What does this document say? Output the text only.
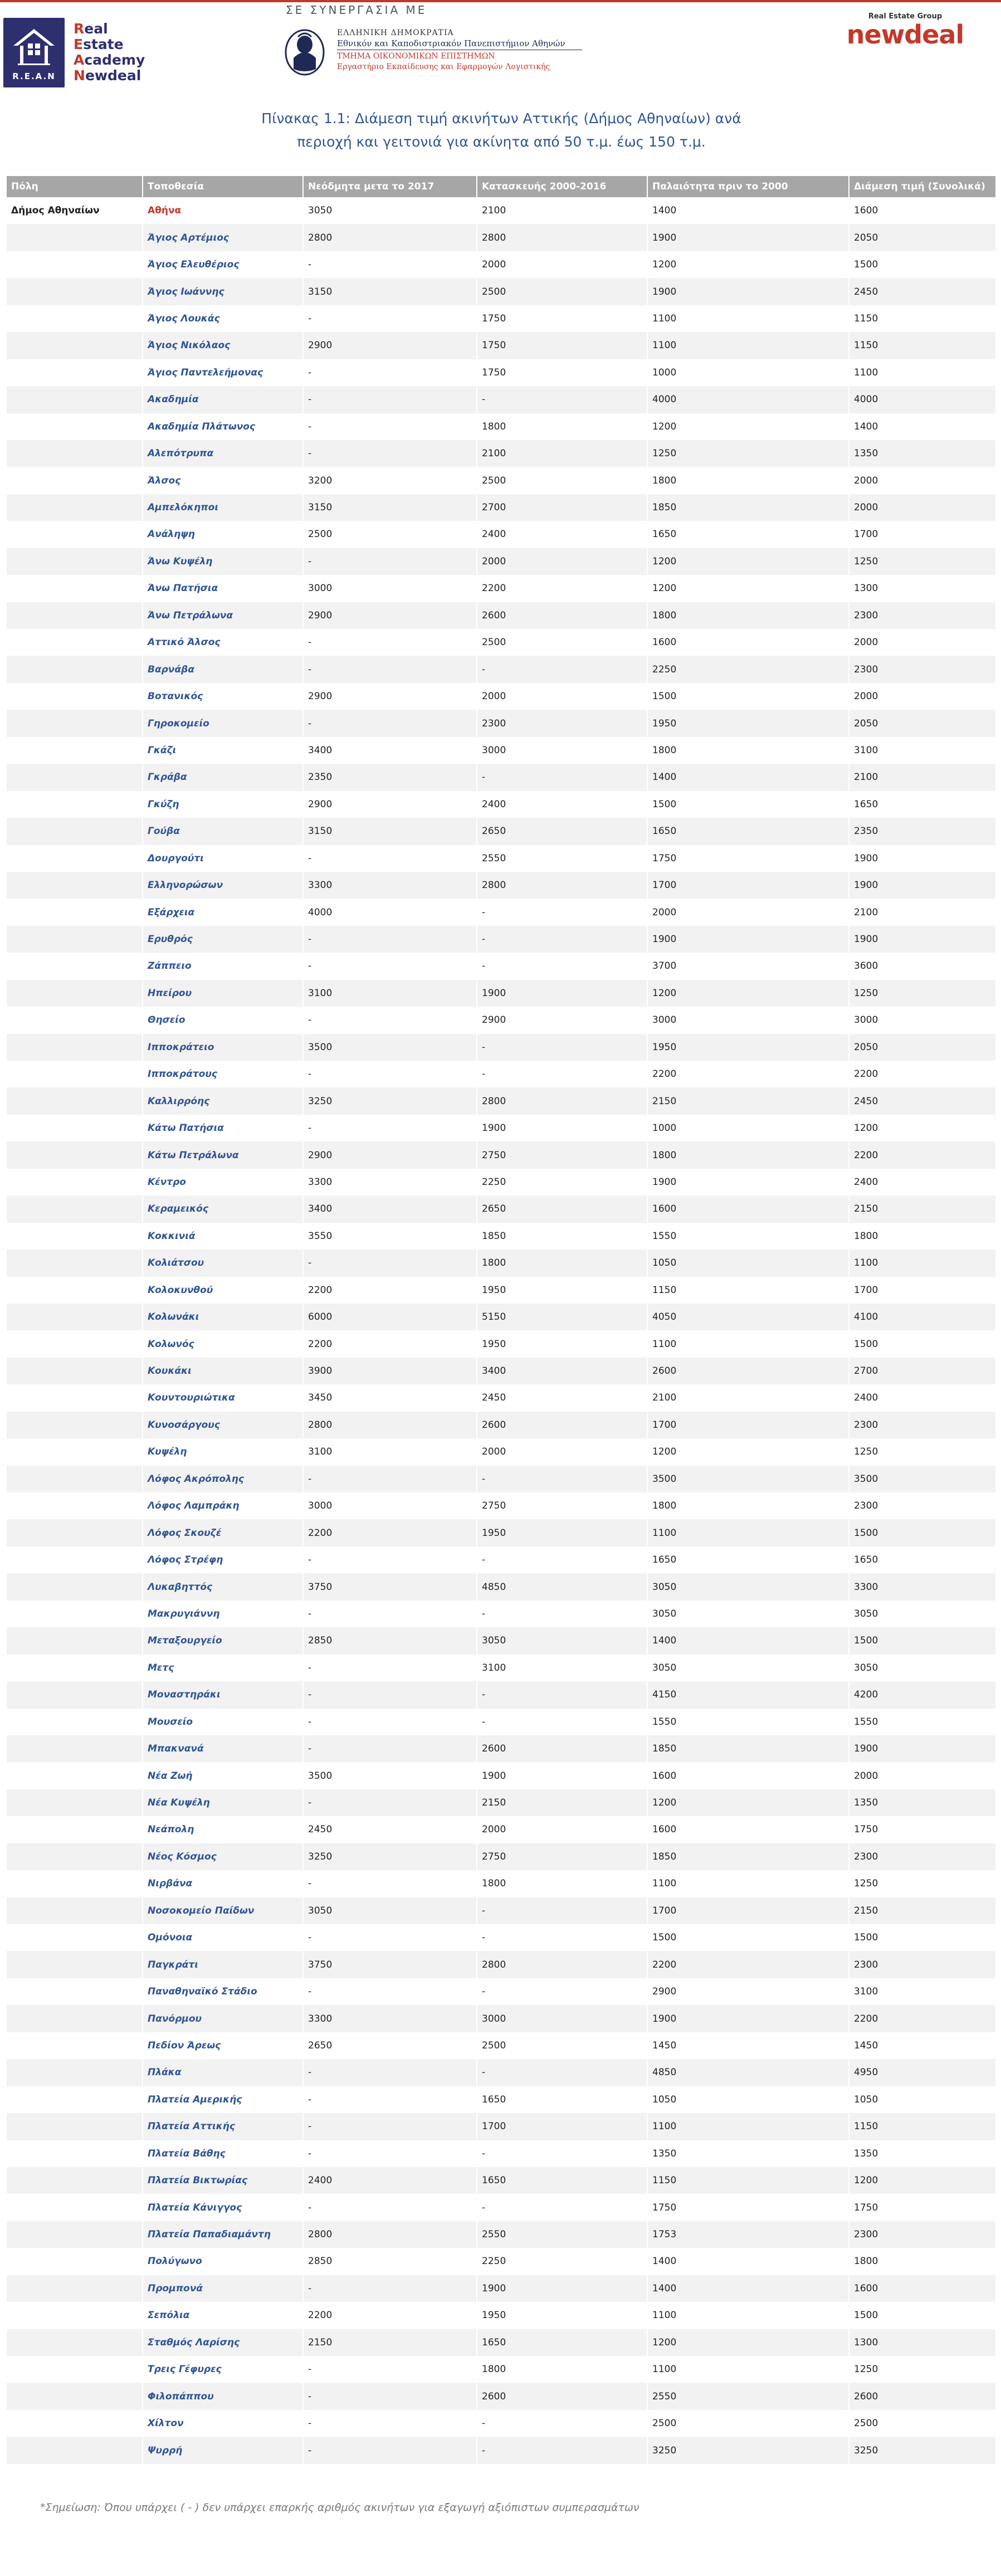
R.E.A.N
Real
Estate
Academy
Newdeal
ΣΕ ΣΥΝΕΡΓΑΣΙΑ ΜΕ
ΕΛΛΗΝΙΚΗ ΔΗΜΟΚΡΑΤΙΑ
Εθνικόν και Καποδιστριακόν Πανεπιστήμιον Αθηνών
ΤΜΗΜΑ ΟΙΚΟΝΟΜΙΚΩΝ ΕΠΙΣΤΗΜΩΝ
Εργαστήριο Εκπαίδευσης και Εφαρμογών Λογιστικής
Real Estate Group
newdeal
Πίνακας 1.1: Διάμεση τιμή ακινήτων Αττικής (Δήμος Αθηναίων) ανά
περιοχή και γειτονιά για ακίνητα από 50 τ.μ. έως 150 τ.μ.
Πόλη	Τοποθεσία	Νεόδμητα μετα το 2017	Κατασκευής 2000-2016	Παλαιότητα πριν το 2000	Διάμεση τιμή (Συνολικά)
Δήμος Αθηναίων	Αθήνα	3050	2100	1400	1600
	Άγιος Αρτέμιος	2800	2800	1900	2050
	Άγιος Ελευθέριος	-	2000	1200	1500
	Άγιος Ιωάννης	3150	2500	1900	2450
	Άγιος Λουκάς	-	1750	1100	1150
	Άγιος Νικόλαος	2900	1750	1100	1150
	Άγιος Παντελεήμονας	-	1750	1000	1100
	Ακαδημία	-	-	4000	4000
	Ακαδημία Πλάτωνος	-	1800	1200	1400
	Αλεπότρυπα	-	2100	1250	1350
	Άλσος	3200	2500	1800	2000
	Αμπελόκηποι	3150	2700	1850	2000
	Ανάληψη	2500	2400	1650	1700
	Άνω Κυψέλη	-	2000	1200	1250
	Άνω Πατήσια	3000	2200	1200	1300
	Άνω Πετράλωνα	2900	2600	1800	2300
	Αττικό Άλσος	-	2500	1600	2000
	Βαρνάβα	-	-	2250	2300
	Βοτανικός	2900	2000	1500	2000
	Γηροκομείο	-	2300	1950	2050
	Γκάζι	3400	3000	1800	3100
	Γκράβα	2350	-	1400	2100
	Γκύζη	2900	2400	1500	1650
	Γούβα	3150	2650	1650	2350
	Δουργούτι	-	2550	1750	1900
	Ελληνορώσων	3300	2800	1700	1900
	Εξάρχεια	4000	-	2000	2100
	Ερυθρός	-	-	1900	1900
	Ζάππειο	-	-	3700	3600
	Ηπείρου	3100	1900	1200	1250
	Θησείο	-	2900	3000	3000
	Ιπποκράτειο	3500	-	1950	2050
	Ιπποκράτους	-	-	2200	2200
	Καλλιρρόης	3250	2800	2150	2450
	Κάτω Πατήσια	-	1900	1000	1200
	Κάτω Πετράλωνα	2900	2750	1800	2200
	Κέντρο	3300	2250	1900	2400
	Κεραμεικός	3400	2650	1600	2150
	Κοκκινιά	3550	1850	1550	1800
	Κολιάτσου	-	1800	1050	1100
	Κολοκυνθού	2200	1950	1150	1700
	Κολωνάκι	6000	5150	4050	4100
	Κολωνός	2200	1950	1100	1500
	Κουκάκι	3900	3400	2600	2700
	Κουντουριώτικα	3450	2450	2100	2400
	Κυνοσάργους	2800	2600	1700	2300
	Κυψέλη	3100	2000	1200	1250
	Λόφος Ακρόπολης	-	-	3500	3500
	Λόφος Λαμπράκη	3000	2750	1800	2300
	Λόφος Σκουζέ	2200	1950	1100	1500
	Λόφος Στρέφη	-	-	1650	1650
	Λυκαβηττός	3750	4850	3050	3300
	Μακρυγιάννη	-	-	3050	3050
	Μεταξουργείο	2850	3050	1400	1500
	Μετς	-	3100	3050	3050
	Μοναστηράκι	-	-	4150	4200
	Μουσείο	-	-	1550	1550
	Μπακνανά	-	2600	1850	1900
	Νέα Ζωή	3500	1900	1600	2000
	Νέα Κυψέλη	-	2150	1200	1350
	Νεάπολη	2450	2000	1600	1750
	Νέος Κόσμος	3250	2750	1850	2300
	Νιρβάνα	-	1800	1100	1250
	Νοσοκομείο Παίδων	3050	-	1700	2150
	Ομόνοια	-	-	1500	1500
	Παγκράτι	3750	2800	2200	2300
	Παναθηναϊκό Στάδιο	-	-	2900	3100
	Πανόρμου	3300	3000	1900	2200
	Πεδίον Άρεως	2650	2500	1450	1450
	Πλάκα	-	-	4850	4950
	Πλατεία Αμερικής	-	1650	1050	1050
	Πλατεία Αττικής	-	1700	1100	1150
	Πλατεία Βάθης	-	-	1350	1350
	Πλατεία Βικτωρίας	2400	1650	1150	1200
	Πλατεία Κάνιγγος	-	-	1750	1750
	Πλατεία Παπαδιαμάντη	2800	2550	1753	2300
	Πολύγωνο	2850	2250	1400	1800
	Προμπονά	-	1900	1400	1600
	Σεπόλια	2200	1950	1100	1500
	Σταθμός Λαρίσης	2150	1650	1200	1300
	Τρεις Γέφυρες	-	1800	1100	1250
	Φιλοπάππου	-	2600	2550	2600
	Χίλτον	-	-	2500	2500
	Ψυρρή	-	-	3250	3250
*Σημείωση: Όπου υπάρχει ( - ) δεν υπάρχει επαρκής αριθμός ακινήτων για εξαγωγή αξιόπιστων συμπερασμάτων
